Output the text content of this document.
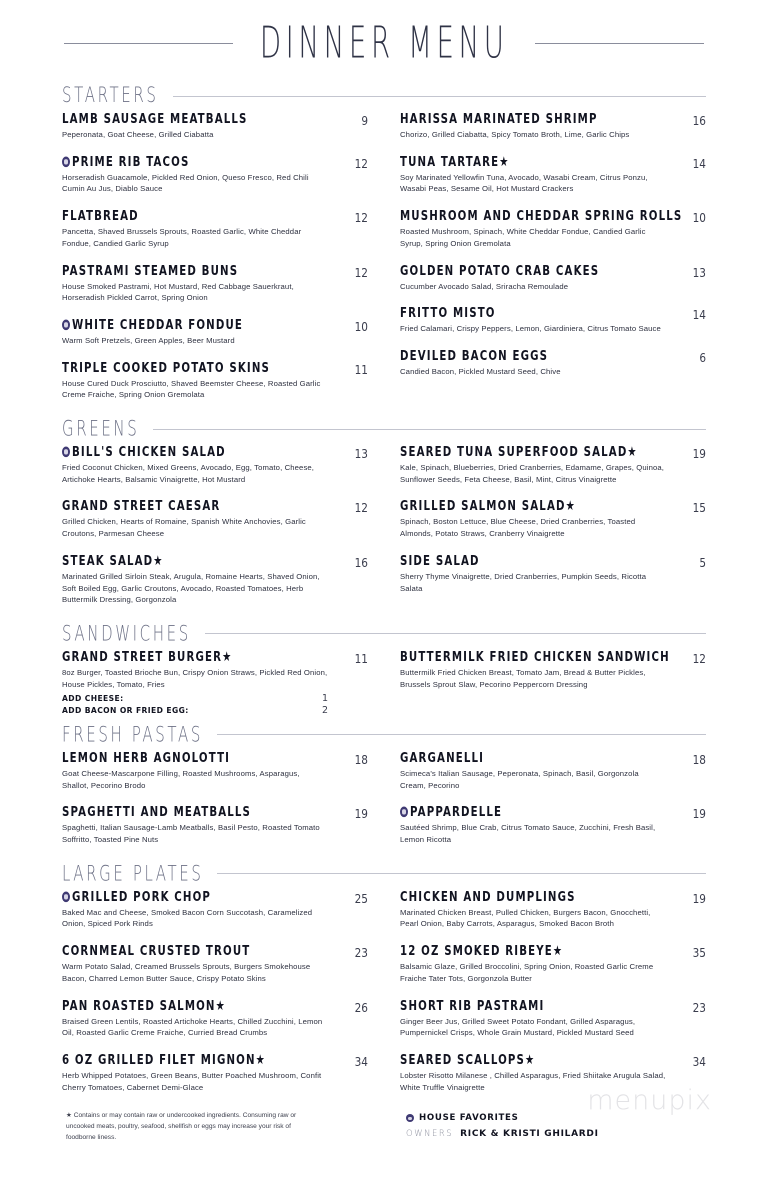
DINNER MENU
STARTERS
LAMB SAUSAGE MEATBALLS
Peperonata, Goat Cheese, Grilled Ciabatta
9
PRIME RIB TACOS
Horseradish Guacamole, Pickled Red Onion, Queso Fresco, Red Chili Cumin Au Jus, Diablo Sauce
12
FLATBREAD
Pancetta, Shaved Brussels Sprouts, Roasted Garlic, White Cheddar Fondue, Candied Garlic Syrup
12
PASTRAMI STEAMED BUNS
House Smoked Pastrami, Hot Mustard, Red Cabbage Sauerkraut, Horseradish Pickled Carrot, Spring Onion
12
WHITE CHEDDAR FONDUE
Warm Soft Pretzels, Green Apples, Beer Mustard
10
TRIPLE COOKED POTATO SKINS
House Cured Duck Prosciutto, Shaved Beemster Cheese, Roasted Garlic Creme Fraiche, Spring Onion Gremolata
11
HARISSA MARINATED SHRIMP
Chorizo, Grilled Ciabatta, Spicy Tomato Broth, Lime, Garlic Chips
16
TUNA TARTARE★
Soy Marinated Yellowfin Tuna, Avocado, Wasabi Cream, Citrus Ponzu, Wasabi Peas, Sesame Oil, Hot Mustard Crackers
14
MUSHROOM AND CHEDDAR SPRING ROLLS
Roasted Mushroom, Spinach, White Cheddar Fondue, Candied Garlic Syrup, Spring Onion Gremolata
10
GOLDEN POTATO CRAB CAKES
Cucumber Avocado Salad, Sriracha Remoulade
13
FRITTO MISTO
Fried Calamari, Crispy Peppers, Lemon, Giardiniera, Citrus Tomato Sauce
14
DEVILED BACON EGGS
Candied Bacon, Pickled Mustard Seed, Chive
6
GREENS
BILL'S CHICKEN SALAD
Fried Coconut Chicken, Mixed Greens, Avocado, Egg, Tomato, Cheese, Artichoke Hearts, Balsamic Vinaigrette, Hot Mustard
13
GRAND STREET CAESAR
Grilled Chicken, Hearts of Romaine, Spanish White Anchovies, Garlic Croutons, Parmesan Cheese
12
STEAK SALAD★
Marinated Grilled Sirloin Steak, Arugula, Romaine Hearts, Shaved Onion, Soft Boiled Egg, Garlic Croutons, Avocado, Roasted Tomatoes, Herb Buttermilk Dressing, Gorgonzola
16
SEARED TUNA SUPERFOOD SALAD★
Kale, Spinach, Blueberries, Dried Cranberries, Edamame, Grapes, Quinoa, Sunflower Seeds, Feta Cheese, Basil, Mint, Citrus Vinaigrette
19
GRILLED SALMON SALAD★
Spinach, Boston Lettuce, Blue Cheese, Dried Cranberries, Toasted Almonds, Potato Straws, Cranberry Vinaigrette
15
SIDE SALAD
Sherry Thyme Vinaigrette, Dried Cranberries, Pumpkin Seeds, Ricotta Salata
5
SANDWICHES
GRAND STREET BURGER★
8oz Burger, Toasted Brioche Bun, Crispy Onion Straws, Pickled Red Onion, House Pickles, Tomato, Fries
ADD CHEESE:	1
ADD BACON OR FRIED EGG:	2
11	BUTTERMILK FRIED CHICKEN SANDWICH
Buttermilk Fried Chicken Breast, Tomato Jam, Bread & Butter Pickles, Brussels Sprout Slaw, Pecorino Peppercorn Dressing
12
FRESH PASTAS
LEMON HERB AGNOLOTTI
Goat Cheese-Mascarpone Filling, Roasted Mushrooms, Asparagus, Shallot, Pecorino Brodo
18
SPAGHETTI AND MEATBALLS
Spaghetti, Italian Sausage-Lamb Meatballs, Basil Pesto, Roasted Tomato Soffritto, Toasted Pine Nuts
19
GARGANELLI
Scimeca's Italian Sausage, Peperonata, Spinach, Basil, Gorgonzola Cream, Pecorino
18
PAPPARDELLE
Sautéed Shrimp, Blue Crab, Citrus Tomato Sauce, Zucchini, Fresh Basil, Lemon Ricotta
19
LARGE PLATES
GRILLED PORK CHOP
Baked Mac and Cheese, Smoked Bacon Corn Succotash, Caramelized Onion, Spiced Pork Rinds
25
CORNMEAL CRUSTED TROUT
Warm Potato Salad, Creamed Brussels Sprouts, Burgers Smokehouse Bacon, Charred Lemon Butter Sauce, Crispy Potato Skins
23
PAN ROASTED SALMON★
Braised Green Lentils, Roasted Artichoke Hearts, Chilled Zucchini, Lemon Oil, Roasted Garlic Creme Fraiche, Curried Bread Crumbs
26
6 OZ GRILLED FILET MIGNON★
Herb Whipped Potatoes, Green Beans, Butter Poached Mushroom, Confit Cherry Tomatoes, Cabernet Demi-Glace
34
CHICKEN AND DUMPLINGS
Marinated Chicken Breast, Pulled Chicken, Burgers Bacon, Gnocchetti, Pearl Onion, Baby Carrots, Asparagus, Smoked Bacon Broth
19
12 OZ SMOKED RIBEYE★
Balsamic Glaze, Grilled Broccolini, Spring Onion, Roasted Garlic Creme Fraiche Tater Tots, Gorgonzola Butter
35
SHORT RIB PASTRAMI
Ginger Beer Jus, Grilled Sweet Potato Fondant, Grilled Asparagus, Pumpernickel Crisps, Whole Grain Mustard, Pickled Mustard Seed
23
SEARED SCALLOPS★
Lobster Risotto Milanese , Chilled Asparagus, Fried Shiitake Arugula Salad, White Truffle Vinaigrette
34
★ Contains or may contain raw or undercooked ingredients. Consuming raw or uncooked meats, poultry, seafood, shellfish or eggs may increase your risk of foodborne liness.
HOUSE FAVORITES
OWNERS RICK & KRISTI GHILARDI
menupix
